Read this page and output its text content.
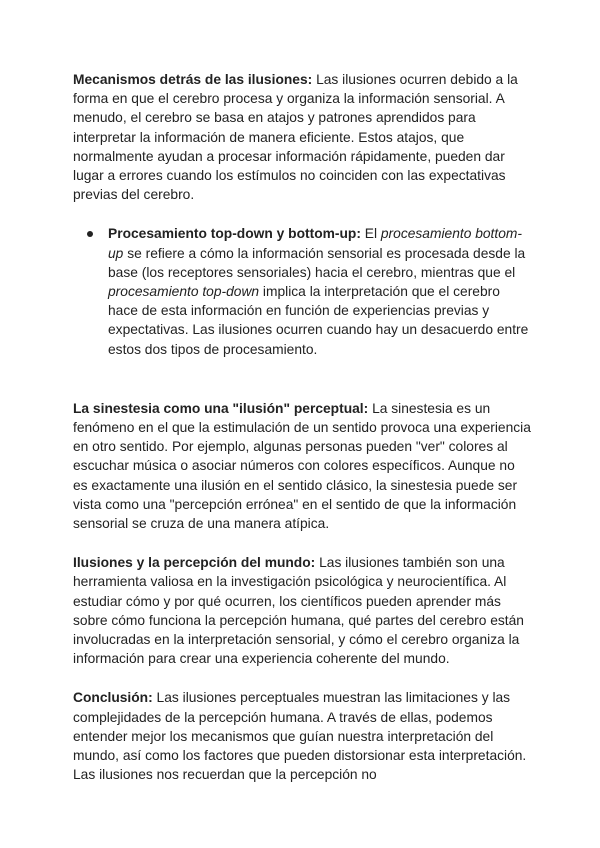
Mecanismos detrás de las ilusiones: Las ilusiones ocurren debido a la forma en que el cerebro procesa y organiza la información sensorial. A menudo, el cerebro se basa en atajos y patrones aprendidos para interpretar la información de manera eficiente. Estos atajos, que normalmente ayudan a procesar información rápidamente, pueden dar lugar a errores cuando los estímulos no coinciden con las expectativas previas del cerebro.

Procesamiento top-down y bottom-up: El procesamiento bottom-up se refiere a cómo la información sensorial es procesada desde la base (los receptores sensoriales) hacia el cerebro, mientras que el procesamiento top-down implica la interpretación que el cerebro hace de esta información en función de experiencias previas y expectativas. Las ilusiones ocurren cuando hay un desacuerdo entre estos dos tipos de procesamiento.

La sinestesia como una "ilusión" perceptual: La sinestesia es un fenómeno en el que la estimulación de un sentido provoca una experiencia en otro sentido. Por ejemplo, algunas personas pueden "ver" colores al escuchar música o asociar números con colores específicos. Aunque no es exactamente una ilusión en el sentido clásico, la sinestesia puede ser vista como una "percepción errónea" en el sentido de que la información sensorial se cruza de una manera atípica.

Ilusiones y la percepción del mundo: Las ilusiones también son una herramienta valiosa en la investigación psicológica y neurocientífica. Al estudiar cómo y por qué ocurren, los científicos pueden aprender más sobre cómo funciona la percepción humana, qué partes del cerebro están involucradas en la interpretación sensorial, y cómo el cerebro organiza la información para crear una experiencia coherente del mundo.

Conclusión: Las ilusiones perceptuales muestran las limitaciones y las complejidades de la percepción humana. A través de ellas, podemos entender mejor los mecanismos que guían nuestra interpretación del mundo, así como los factores que pueden distorsionar esta interpretación. Las ilusiones nos recuerdan que la percepción no
